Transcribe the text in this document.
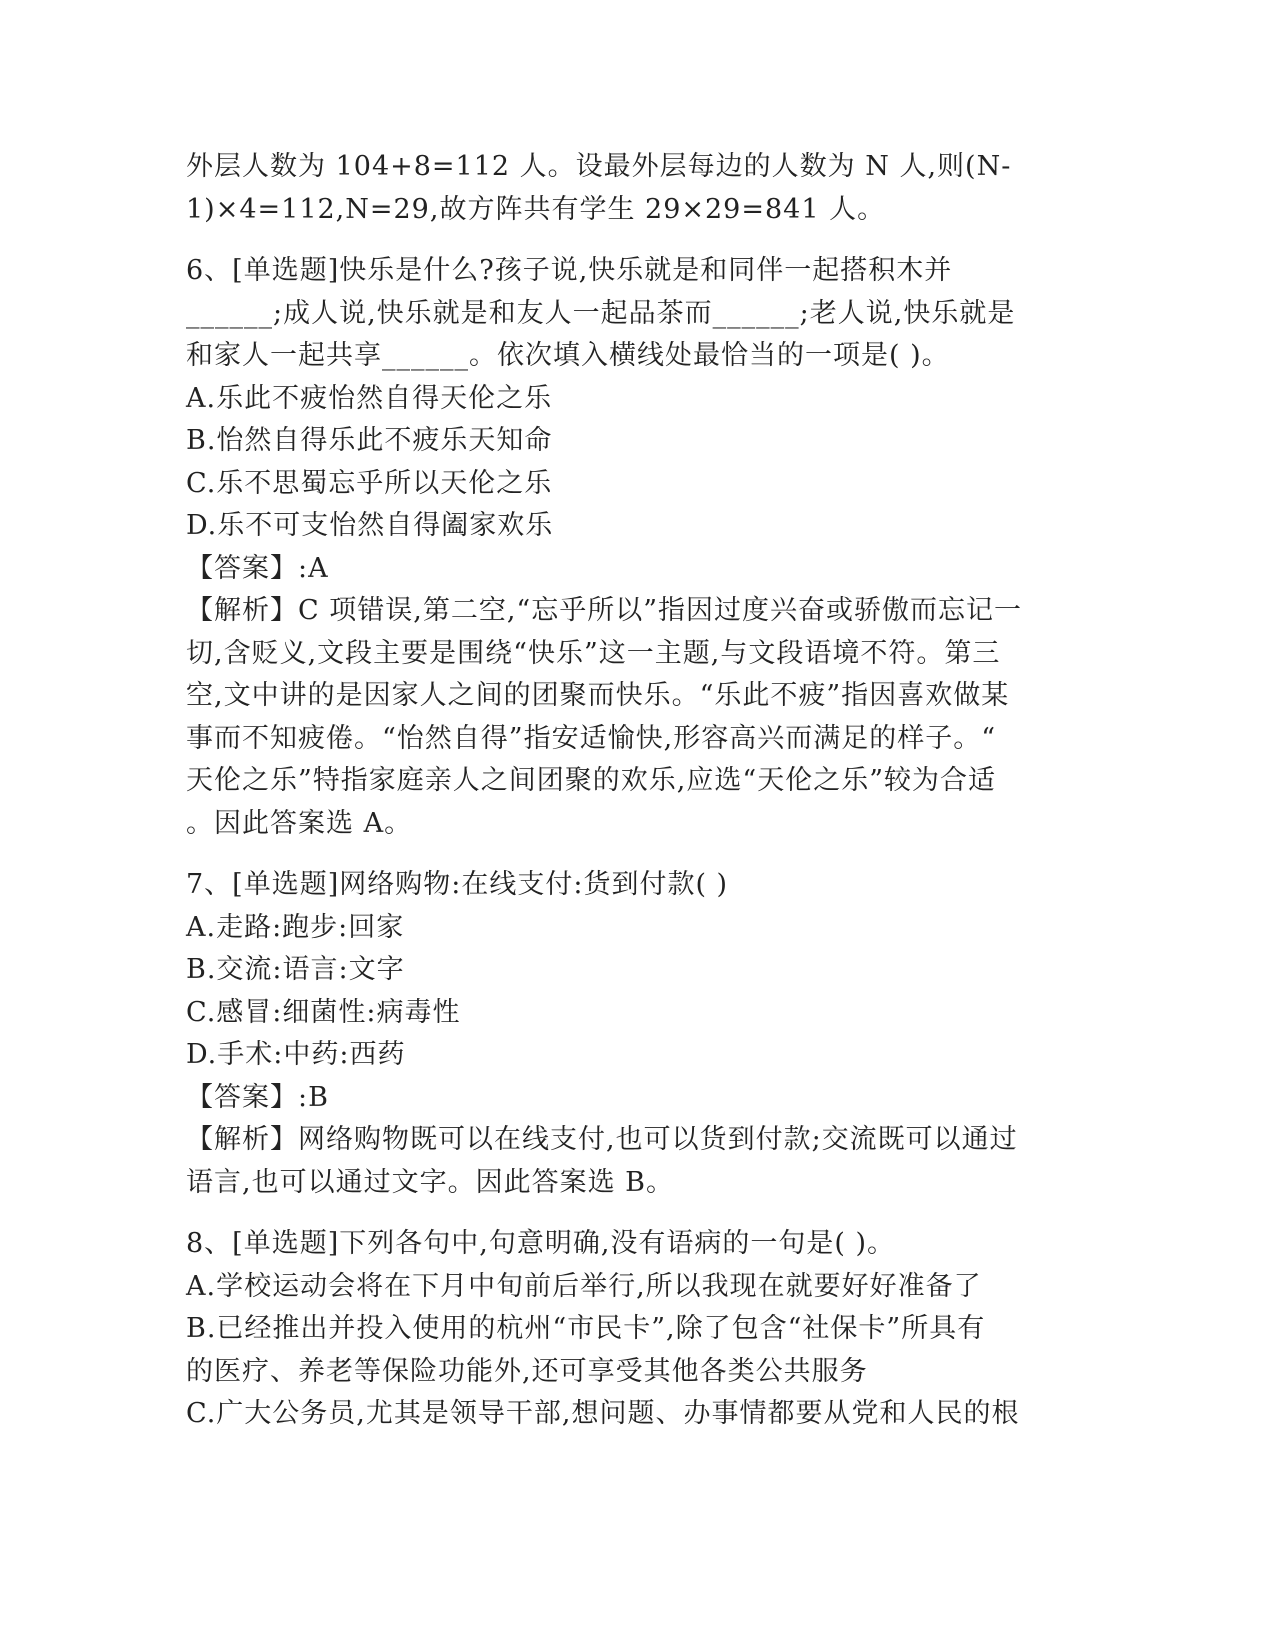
外层人数为 104+8=112 人。设最外层每边的人数为 N 人,则(N-
1)×4=112,N=29,故方阵共有学生 29×29=841 人。
6、[单选题]快乐是什么?孩子说,快乐就是和同伴一起搭积木并
______;成人说,快乐就是和友人一起品茶而______;老人说,快乐就是
和家人一起共享______。依次填入横线处最恰当的一项是( )。
A.乐此不疲怡然自得天伦之乐
B.怡然自得乐此不疲乐天知命
C.乐不思蜀忘乎所以天伦之乐
D.乐不可支怡然自得阖家欢乐
【答案】:A
【解析】C 项错误,第二空,“忘乎所以”指因过度兴奋或骄傲而忘记一
切,含贬义,文段主要是围绕“快乐”这一主题,与文段语境不符。第三
空,文中讲的是因家人之间的团聚而快乐。“乐此不疲”指因喜欢做某
事而不知疲倦。“怡然自得”指安适愉快,形容高兴而满足的样子。“
天伦之乐”特指家庭亲人之间团聚的欢乐,应选“天伦之乐”较为合适
。因此答案选 A。
7、[单选题]网络购物:在线支付:货到付款( )
A.走路:跑步:回家
B.交流:语言:文字
C.感冒:细菌性:病毒性
D.手术:中药:西药
【答案】:B
【解析】网络购物既可以在线支付,也可以货到付款;交流既可以通过
语言,也可以通过文字。因此答案选 B。
8、[单选题]下列各句中,句意明确,没有语病的一句是( )。
A.学校运动会将在下月中旬前后举行,所以我现在就要好好准备了
B.已经推出并投入使用的杭州“市民卡”,除了包含“社保卡”所具有
的医疗、养老等保险功能外,还可享受其他各类公共服务
C.广大公务员,尤其是领导干部,想问题、办事情都要从党和人民的根
